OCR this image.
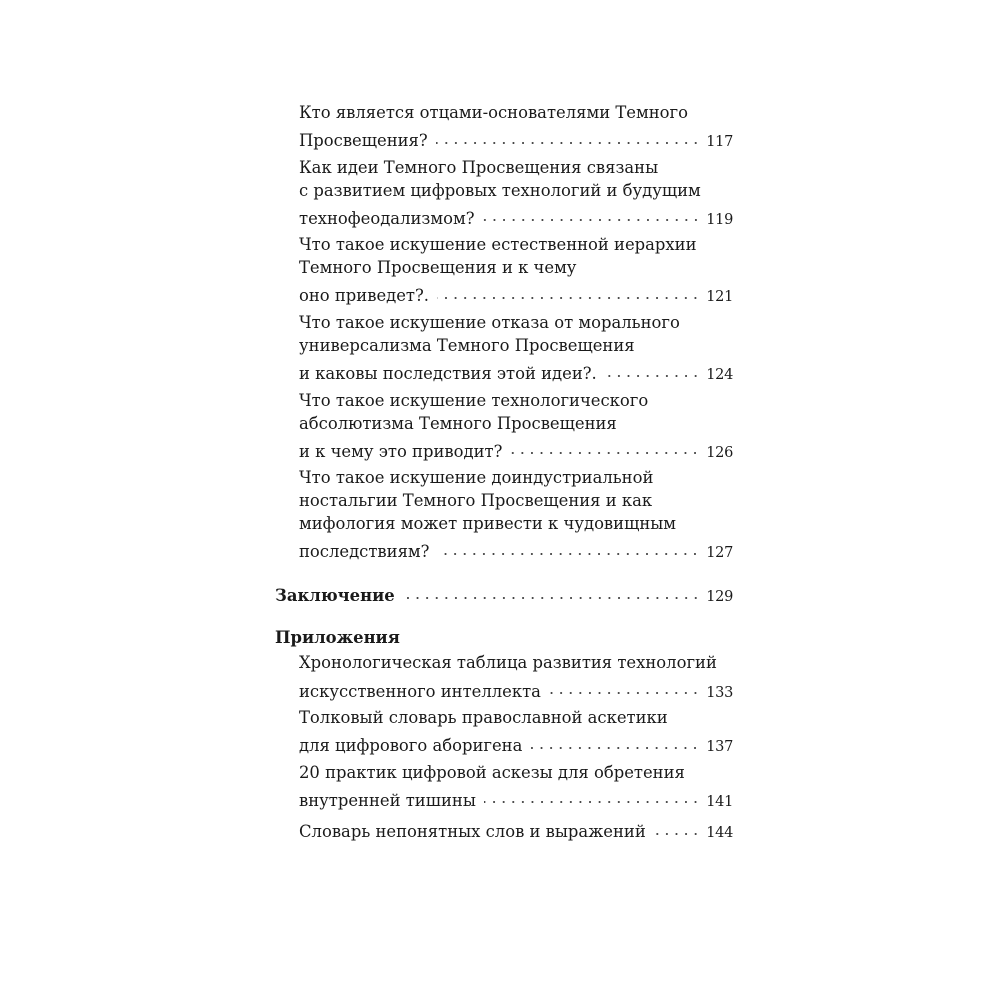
Кто является отцами-основателями Темного
Просвещения?	117
Как идеи Темного Просвещения связаны
с развитием цифровых технологий и будущим
технофеодализмом?	119
Что такое искушение естественной иерархии
Темного Просвещения и к чему
оно приведет?.	121
Что такое искушение отказа от морального
универсализма Темного Просвещения
и каковы последствия этой идеи?.	124
Что такое искушение технологического
абсолютизма Темного Просвещения
и к чему это приводит?	126
Что такое искушение доиндустриальной
ностальгии Темного Просвещения и как
мифология может привести к чудовищным
последствиям?	127
Заключение	129
Приложения
Хронологическая таблица развития технологий
искусственного интеллекта	133
Толковый словарь православной аскетики
для цифрового аборигена	137
20 практик цифровой аскезы для обретения
внутренней тишины	141
Словарь непонятных слов и выражений	144
